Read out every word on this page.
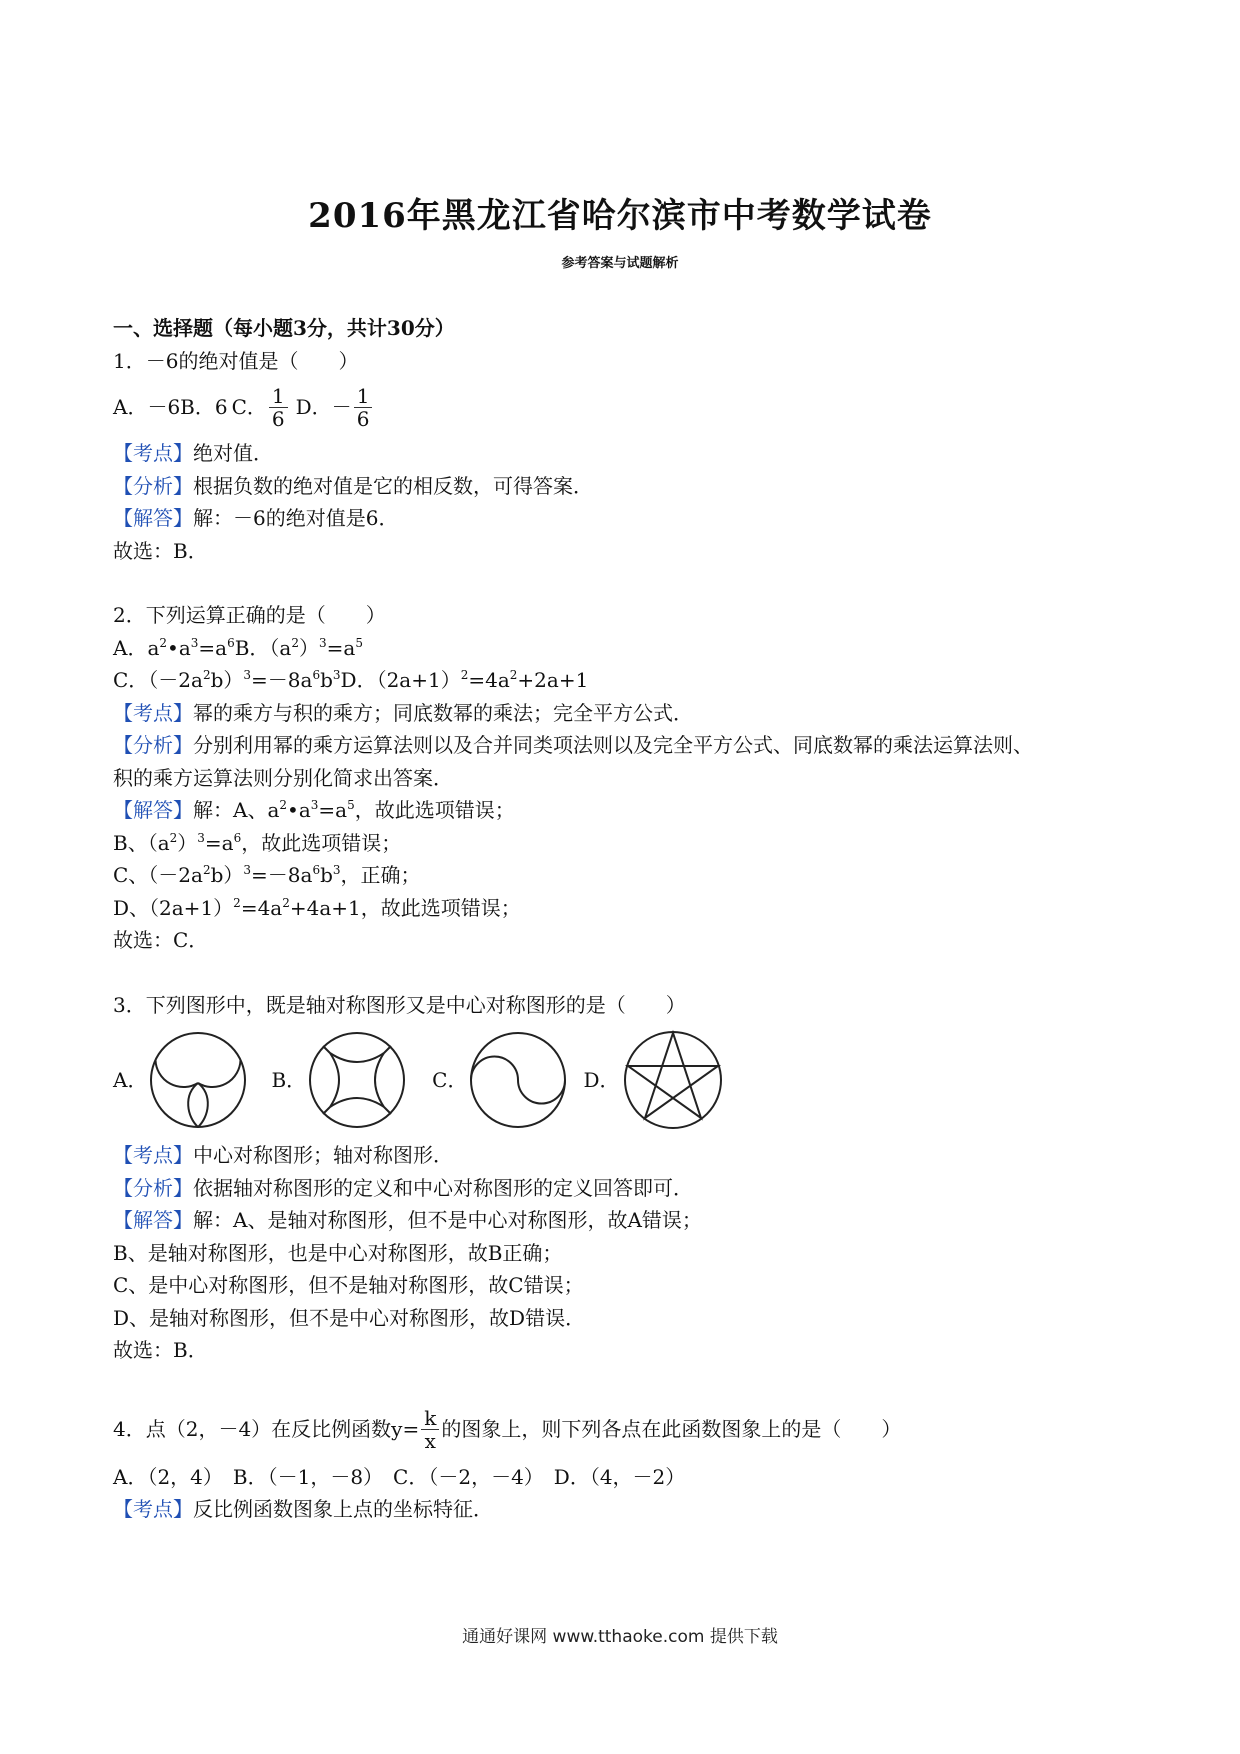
2016年黑龙江省哈尔滨市中考数学试卷
参考答案与试题解析
一、选择题（每小题3分，共计30分）
1．－6的绝对值是（　　）
A．－6 B．6 C． $\frac{1}{6}$ D．－ $\frac{1}{6}$
【考点】绝对值．
【分析】根据负数的绝对值是它的相反数，可得答案．
【解答】解：－6的绝对值是6．
故选：B．
2．下列运算正确的是（　　）
A．$a^2•a^3=a^6B$．$(a^2)^3=a^5$
C．$(-2a^2b)^3=-8a^6b^3D$．$(2a+1)^2=4a^2+2a+1$
【考点】幂的乘方与积的乘方；同底数幂的乘法；完全平方公式．
【分析】分别利用幂的乘方运算法则以及合并同类项法则以及完全平方公式、同底数幂的乘法运算法则、
积的乘方运算法则分别化简求出答案．
【解答】解：A、$a^2•a^3=a^5$，故此选项错误；
B、$(a^2)^3=a^6$，故此选项错误；
C、$(-2a^2b)^3=-8a^6b^3$，正确；
D、$(2a+1)^2=4a^2+4a+1$，故此选项错误；
故选：C．
3．下列图形中，既是轴对称图形又是中心对称图形的是（　　）
A．	B．	C．	D．
【考点】中心对称图形；轴对称图形．
【分析】依据轴对称图形的定义和中心对称图形的定义回答即可．
【解答】解：A、是轴对称图形，但不是中心对称图形，故A错误；
B、是轴对称图形，也是中心对称图形，故B正确；
C、是中心对称图形，但不是轴对称图形，故C错误；
D、是轴对称图形，但不是中心对称图形，故D错误．
故选：B．
4．点（2，－4）在反比例函数$y= \frac{k}{x}$ 的图象上，则下列各点在此函数图象上的是（　　）
A．（2，4）　B．（－1，－8）　C．（－2，－4）　D．（4，－2）
【考点】反比例函数图象上点的坐标特征．
通通好课网 www.tthaoke.com 提供下载
